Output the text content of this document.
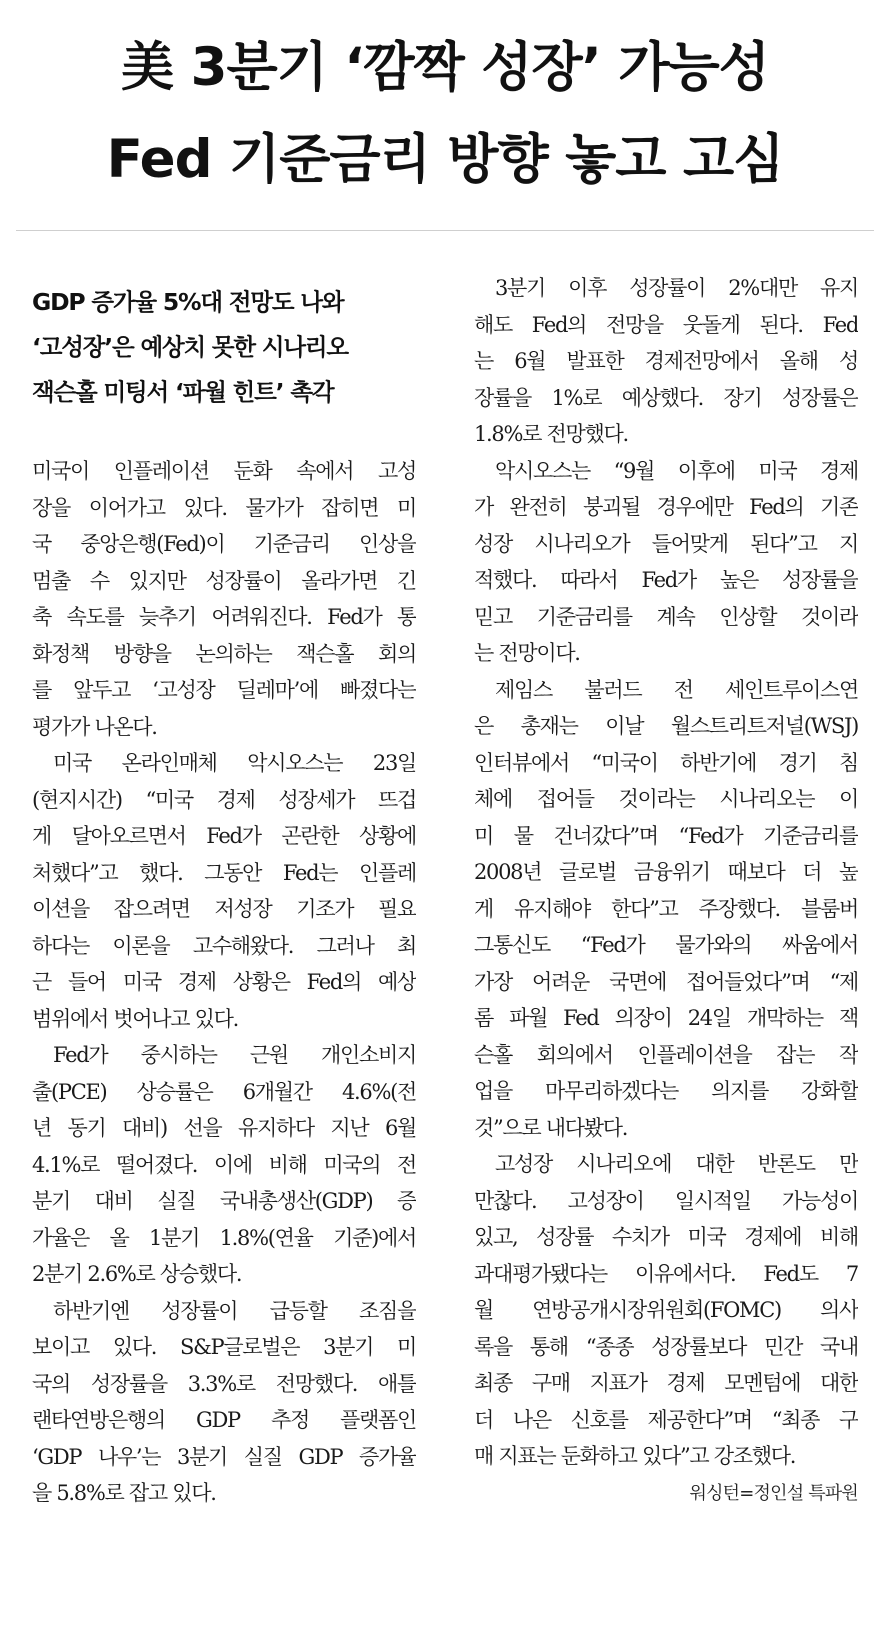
美 3분기 ‘깜짝 성장’ 가능성
Fed 기준금리 방향 놓고 고심
GDP 증가율 5%대 전망도 나와
‘고성장’은 예상치 못한 시나리오
잭슨홀 미팅서 ‘파월 힌트’ 촉각
미국이 인플레이션 둔화 속에서 고성
장을 이어가고 있다. 물가가 잡히면 미
국 중앙은행(Fed)이 기준금리 인상을
멈출 수 있지만 성장률이 올라가면 긴
축 속도를 늦추기 어려워진다. Fed가 통
화정책 방향을 논의하는 잭슨홀 회의
를 앞두고 ‘고성장 딜레마’에 빠졌다는
평가가 나온다.
미국 온라인매체 악시오스는 23일
(현지시간) “미국 경제 성장세가 뜨겁
게 달아오르면서 Fed가 곤란한 상황에
처했다”고 했다. 그동안 Fed는 인플레
이션을 잡으려면 저성장 기조가 필요
하다는 이론을 고수해왔다. 그러나 최
근 들어 미국 경제 상황은 Fed의 예상
범위에서 벗어나고 있다.
Fed가 중시하는 근원 개인소비지
출(PCE) 상승률은 6개월간 4.6%(전
년 동기 대비) 선을 유지하다 지난 6월
4.1%로 떨어졌다. 이에 비해 미국의 전
분기 대비 실질 국내총생산(GDP) 증
가율은 올 1분기 1.8%(연율 기준)에서
2분기 2.6%로 상승했다.
하반기엔 성장률이 급등할 조짐을
보이고 있다. S&P글로벌은 3분기 미
국의 성장률을 3.3%로 전망했다. 애틀
랜타연방은행의 GDP 추정 플랫폼인
‘GDP 나우’는 3분기 실질 GDP 증가율
을 5.8%로 잡고 있다.
3분기 이후 성장률이 2%대만 유지
해도 Fed의 전망을 웃돌게 된다. Fed
는 6월 발표한 경제전망에서 올해 성
장률을 1%로 예상했다. 장기 성장률은
1.8%로 전망했다.
악시오스는 “9월 이후에 미국 경제
가 완전히 붕괴될 경우에만 Fed의 기존
성장 시나리오가 들어맞게 된다”고 지
적했다. 따라서 Fed가 높은 성장률을
믿고 기준금리를 계속 인상할 것이라
는 전망이다.
제임스 불러드 전 세인트루이스연
은 총재는 이날 월스트리트저널(WSJ)
인터뷰에서 “미국이 하반기에 경기 침
체에 접어들 것이라는 시나리오는 이
미 물 건너갔다”며 “Fed가 기준금리를
2008년 글로벌 금융위기 때보다 더 높
게 유지해야 한다”고 주장했다. 블룸버
그통신도 “Fed가 물가와의 싸움에서
가장 어려운 국면에 접어들었다”며 “제
롬 파월 Fed 의장이 24일 개막하는 잭
슨홀 회의에서 인플레이션을 잡는 작
업을 마무리하겠다는 의지를 강화할
것”으로 내다봤다.
고성장 시나리오에 대한 반론도 만
만찮다. 고성장이 일시적일 가능성이
있고, 성장률 수치가 미국 경제에 비해
과대평가됐다는 이유에서다. Fed도 7
월 연방공개시장위원회(FOMC) 의사
록을 통해 “종종 성장률보다 민간 국내
최종 구매 지표가 경제 모멘텀에 대한
더 나은 신호를 제공한다”며 “최종 구
매 지표는 둔화하고 있다”고 강조했다.
워싱턴=정인설 특파원
